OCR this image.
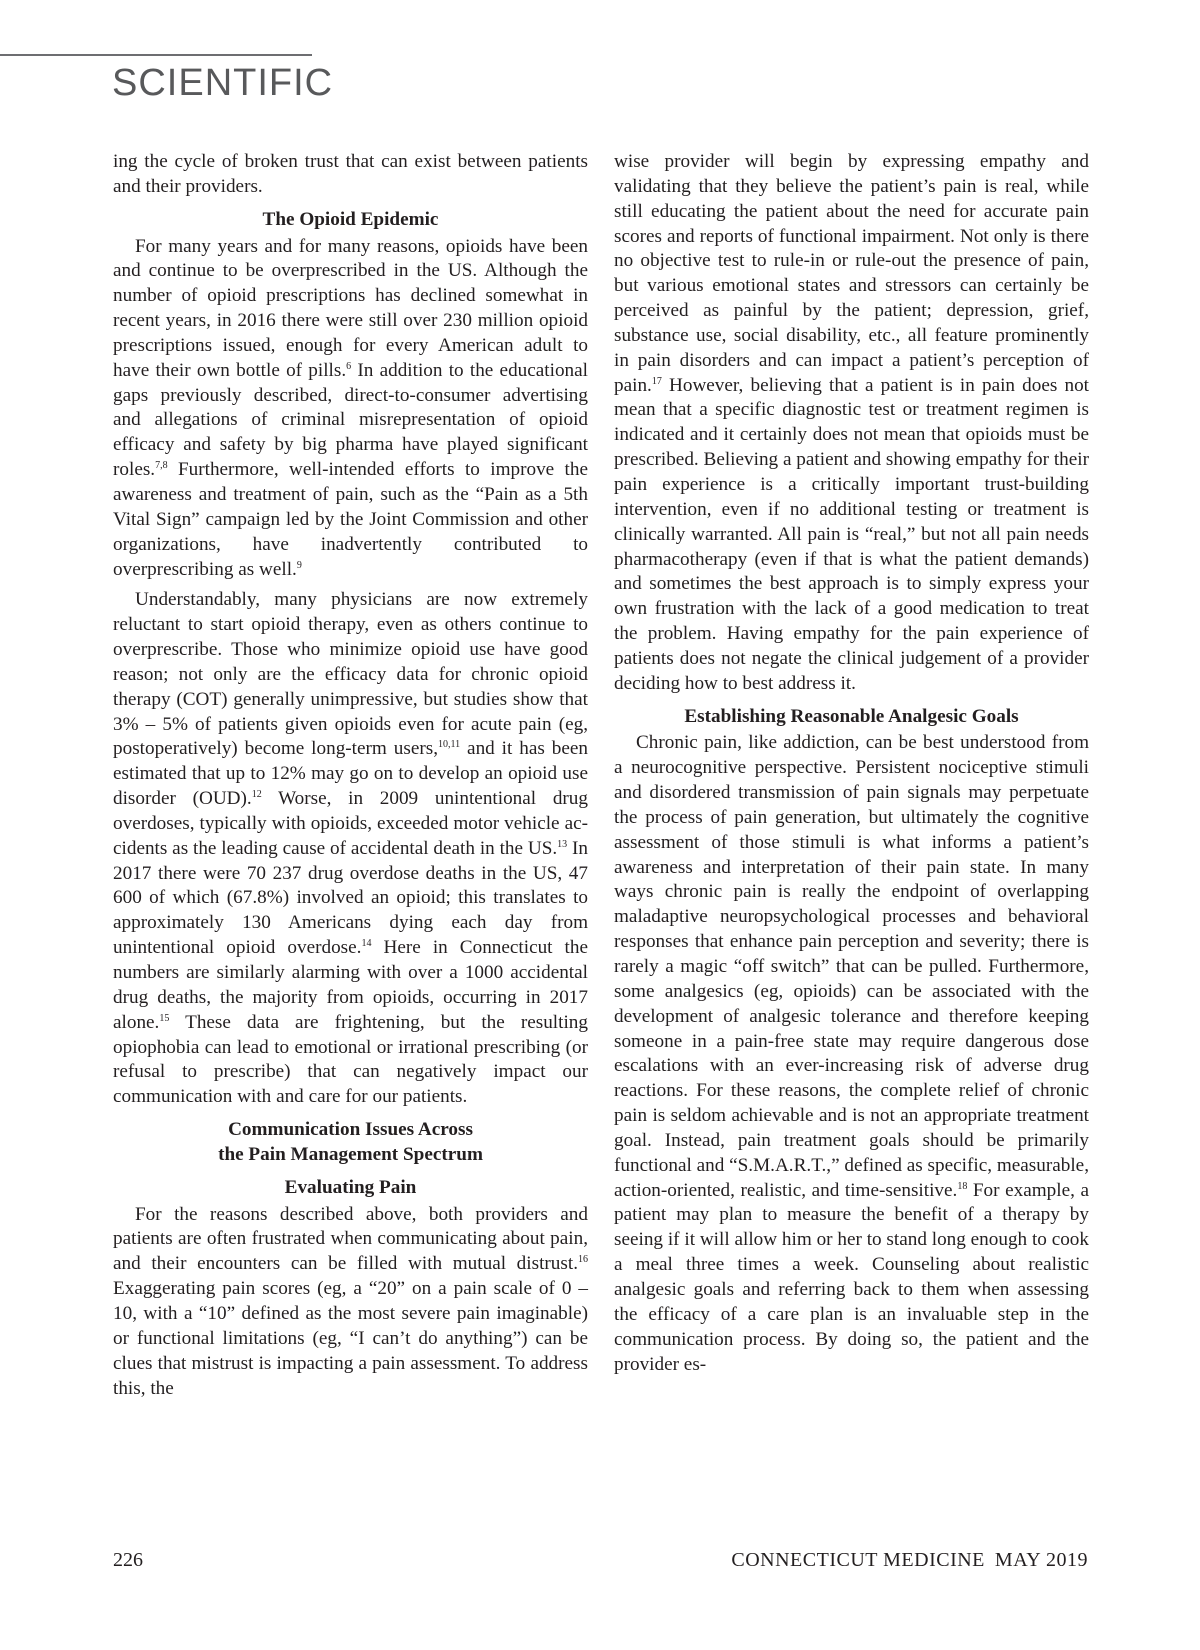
SCIENTIFIC

ing the cycle of broken trust that can exist between patients and their providers.

The Opioid Epidemic

For many years and for many reasons, opioids have been and continue to be overprescribed in the US. Although the number of opioid prescriptions has declined somewhat in recent years, in 2016 there were still over 230 million opioid prescriptions issued, enough for every American adult to have their own bottle of pills.$^6$ In addition to the educational gaps previously described, direct-to-consumer advertising and allegations of criminal misrepresentation of opioid efficacy and safety by big pharma have played significant roles.$^{7,8}$ Furthermore, well-intended efforts to improve the awareness and treatment of pain, such as the “Pain as a 5th Vital Sign” campaign led by the Joint Commission and other organizations, have inadvertently contributed to overprescribing as well.$^9$

Understandably, many physicians are now extremely reluctant to start opioid therapy, even as others continue to overprescribe. Those who minimize opioid use have good reason; not only are the efficacy data for chronic opioid therapy (COT) generally unimpressive, but studies show that 3% – 5% of patients given opioids even for acute pain (eg, postoperatively) become long-term users,$^{10,11}$ and it has been estimated that up to 12% may go on to develop an opioid use disorder (OUD).$^{12}$ Worse, in 2009 unintentional drug overdoses, typically with opioids, exceeded motor vehicle accidents as the leading cause of accidental death in the US.$^{13}$ In 2017 there were 70 237 drug overdose deaths in the US, 47 600 of which (67.8%) involved an opioid; this translates to approximately 130 Americans dying each day from unintentional opioid overdose.$^{14}$ Here in Connecticut the numbers are similarly alarming with over a 1000 accidental drug deaths, the majority from opioids, occurring in 2017 alone.$^{15}$ These data are frightening, but the resulting opiophobia can lead to emotional or irrational prescribing (or refusal to prescribe) that can negatively impact our communication with and care for our patients.

Communication Issues Across
the Pain Management Spectrum
Evaluating Pain

For the reasons described above, both providers and patients are often frustrated when communicating about pain, and their encounters can be filled with mutual distrust.$^{16}$ Exaggerating pain scores (eg, a “20” on a pain scale of 0 – 10, with a “10” defined as the most severe pain imaginable) or functional limitations (eg, “I can’t do anything”) can be clues that mistrust is impacting a pain assessment. To address this, the

wise provider will begin by expressing empathy and validating that they believe the patient’s pain is real, while still educating the patient about the need for accurate pain scores and reports of functional impairment. Not only is there no objective test to rule-in or rule-out the presence of pain, but various emotional states and stressors can certainly be perceived as painful by the patient; depression, grief, substance use, social disability, etc., all feature prominently in pain disorders and can impact a patient’s perception of pain.$^{17}$ However, believing that a patient is in pain does not mean that a specific diagnostic test or treatment regimen is indicated and it certainly does not mean that opioids must be prescribed. Believing a patient and showing empathy for their pain experience is a critically important trust-building intervention, even if no additional testing or treatment is clinically warranted. All pain is “real,” but not all pain needs pharmacotherapy (even if that is what the patient demands) and sometimes the best approach is to simply express your own frustration with the lack of a good medication to treat the problem. Having empathy for the pain experience of patients does not negate the clinical judgement of a provider deciding how to best address it.

Establishing Reasonable Analgesic Goals

Chronic pain, like addiction, can be best understood from a neurocognitive perspective. Persistent nociceptive stimuli and disordered transmission of pain signals may perpetuate the process of pain generation, but ultimately the cognitive assessment of those stimuli is what informs a patient’s awareness and interpretation of their pain state. In many ways chronic pain is really the endpoint of overlapping maladaptive neuropsychological processes and behavioral responses that enhance pain perception and severity; there is rarely a magic “off switch” that can be pulled. Furthermore, some analgesics (eg, opioids) can be associated with the development of analgesic tolerance and therefore keeping someone in a pain-free state may require dangerous dose escalations with an ever-increasing risk of adverse drug reactions. For these reasons, the complete relief of chronic pain is seldom achievable and is not an appropriate treatment goal. Instead, pain treatment goals should be primarily functional and “S.M.A.R.T.,” defined as specific, measurable, action-oriented, realistic, and time-sensitive.$^{18}$ For example, a patient may plan to measure the benefit of a therapy by seeing if it will allow him or her to stand long enough to cook a meal three times a week. Counseling about realistic analgesic goals and referring back to them when assessing the efficacy of a care plan is an invaluable step in the communication process. By doing so, the patient and the provider es-

226	CONNECTICUT MEDICINE MAY 2019
